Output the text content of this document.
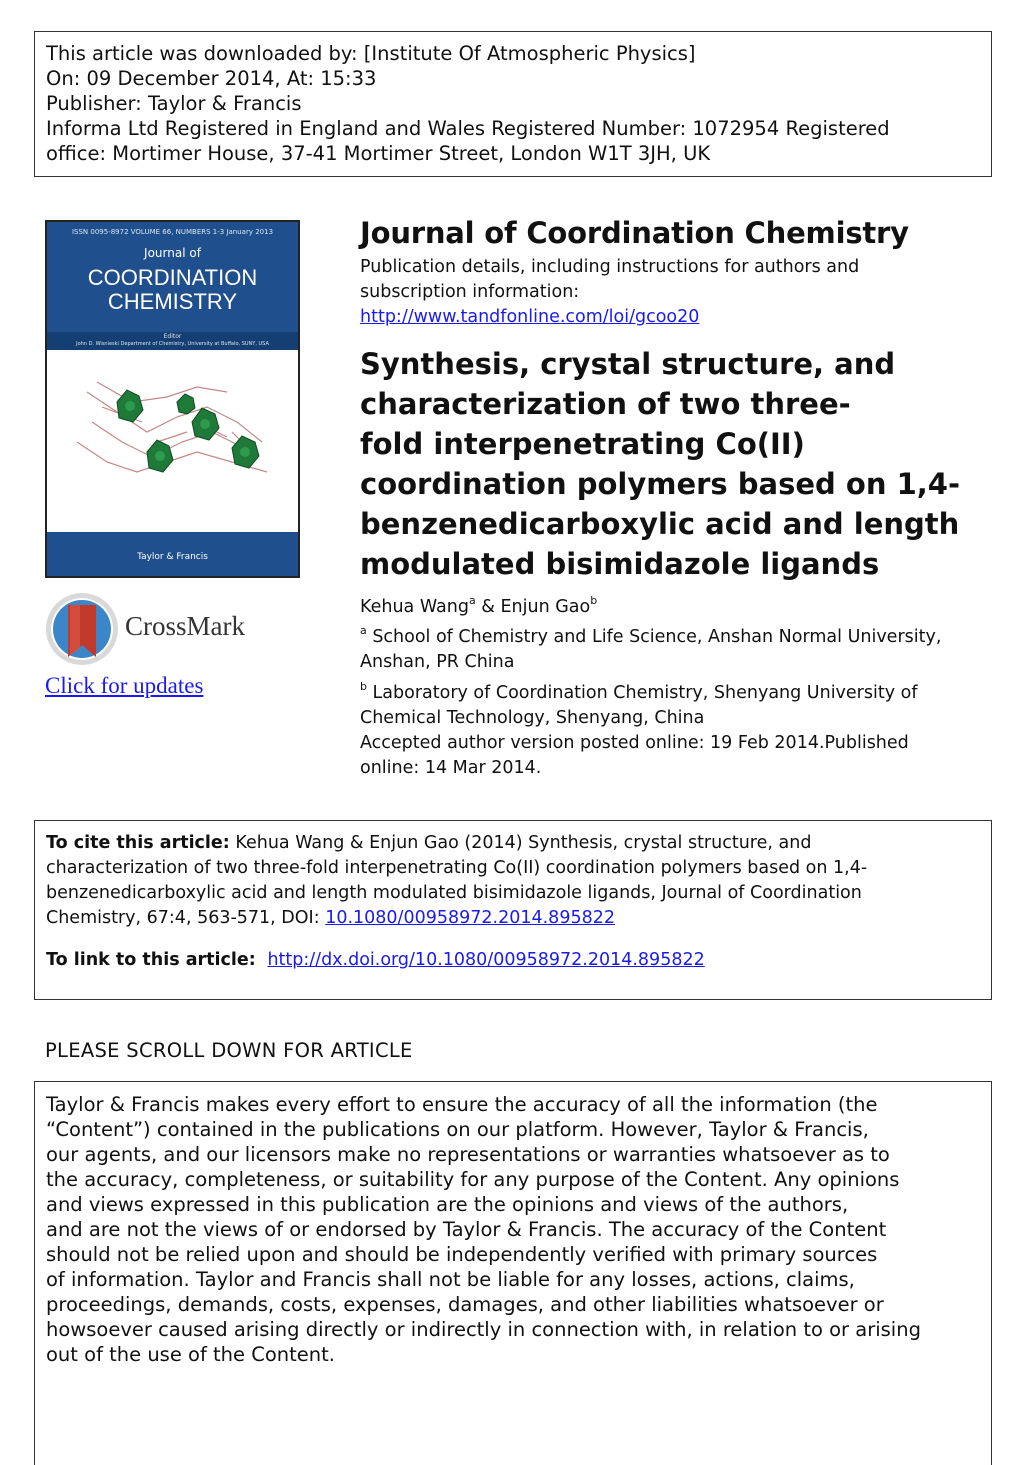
This article was downloaded by: [Institute Of Atmospheric Physics]
On: 09 December 2014, At: 15:33
Publisher: Taylor & Francis
Informa Ltd Registered in England and Wales Registered Number: 1072954 Registered
office: Mortimer House, 37-41 Mortimer Street, London W1T 3JH, UK
ISSN 0095-8972 VOLUME 66, NUMBERS 1-3 January 2013
Journal of
COORDINATION
CHEMISTRY
Editor
John D. Wisnieski Department of Chemistry, University at Buffalo, SUNY, USA
Taylor & Francis
CrossMark
Click for updates
Journal of Coordination Chemistry
Publication details, including instructions for authors and
subscription information:
http://www.tandfonline.com/loi/gcoo20
Synthesis, crystal structure, and
characterization of two three-
fold interpenetrating Co(II)
coordination polymers based on 1,4-
benzenedicarboxylic acid and length
modulated bisimidazole ligands
Kehua Wang$^a$ & Enjun Gao$^b$
$^a$ School of Chemistry and Life Science, Anshan Normal University,
Anshan, PR China
$^b$ Laboratory of Coordination Chemistry, Shenyang University of
Chemical Technology, Shenyang, China
Accepted author version posted online: 19 Feb 2014.Published
online: 14 Mar 2014.
To cite this article: Kehua Wang & Enjun Gao (2014) Synthesis, crystal structure, and
characterization of two three-fold interpenetrating Co(II) coordination polymers based on 1,4-
benzenedicarboxylic acid and length modulated bisimidazole ligands, Journal of Coordination
Chemistry, 67:4, 563-571, DOI: 10.1080/00958972.2014.895822
To link to this article:  http://dx.doi.org/10.1080/00958972.2014.895822
PLEASE SCROLL DOWN FOR ARTICLE
Taylor & Francis makes every effort to ensure the accuracy of all the information (the
“Content”) contained in the publications on our platform. However, Taylor & Francis,
our agents, and our licensors make no representations or warranties whatsoever as to
the accuracy, completeness, or suitability for any purpose of the Content. Any opinions
and views expressed in this publication are the opinions and views of the authors,
and are not the views of or endorsed by Taylor & Francis. The accuracy of the Content
should not be relied upon and should be independently verified with primary sources
of information. Taylor and Francis shall not be liable for any losses, actions, claims,
proceedings, demands, costs, expenses, damages, and other liabilities whatsoever or
howsoever caused arising directly or indirectly in connection with, in relation to or arising
out of the use of the Content.
